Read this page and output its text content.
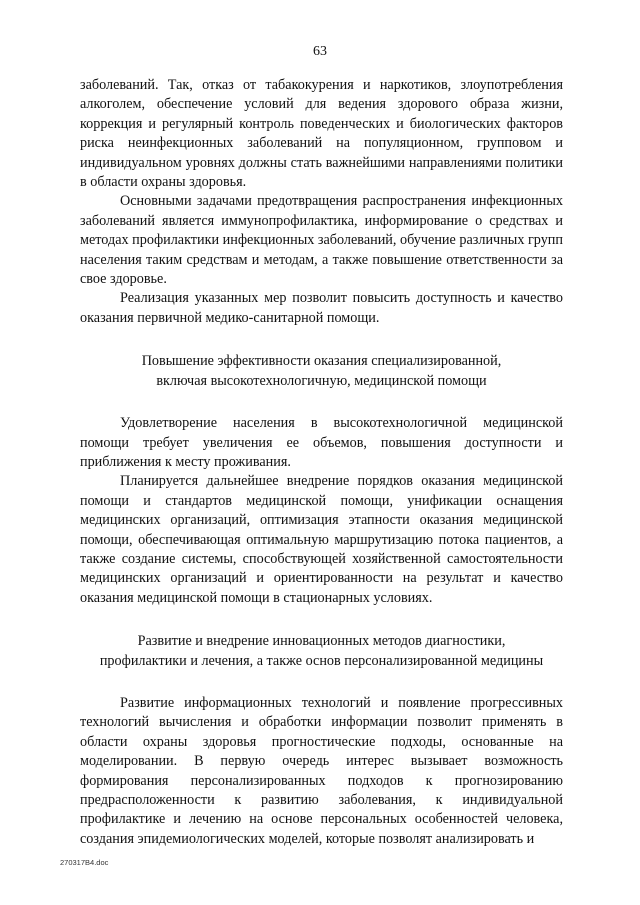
63

заболеваний. Так, отказ от табакокурения и наркотиков, злоупотребления алкоголем, обеспечение условий для ведения здорового образа жизни, коррекция и регулярный контроль поведенческих и биологических факторов риска неинфекционных заболеваний на популяционном, групповом и индивидуальном уровнях должны стать важнейшими направлениями политики в области охраны здоровья.

Основными задачами предотвращения распространения инфекционных заболеваний является иммунопрофилактика, информирование о средствах и методах профилактики инфекционных заболеваний, обучение различных групп населения таким средствам и методам, а также повышение ответственности за свое здоровье.

Реализация указанных мер позволит повысить доступность и качество оказания первичной медико-санитарной помощи.

Повышение эффективности оказания специализированной,
включая высокотехнологичную, медицинской помощи

Удовлетворение населения в высокотехнологичной медицинской помощи требует увеличения ее объемов, повышения доступности и приближения к месту проживания.

Планируется дальнейшее внедрение порядков оказания медицинской помощи и стандартов медицинской помощи, унификации оснащения медицинских организаций, оптимизация этапности оказания медицинской помощи, обеспечивающая оптимальную маршрутизацию потока пациентов, а также создание системы, способствующей хозяйственной самостоятельности медицинских организаций и ориентированности на результат и качество оказания медицинской помощи в стационарных условиях.

Развитие и внедрение инновационных методов диагностики,
профилактики и лечения, а также основ персонализированной медицины

Развитие информационных технологий и появление прогрессивных технологий вычисления и обработки информации позволит применять в области охраны здоровья прогностические подходы, основанные на моделировании. В первую очередь интерес вызывает возможность формирования персонализированных подходов к прогнозированию предрасположенности к развитию заболевания, к индивидуальной профилактике и лечению на основе персональных особенностей человека, создания эпидемиологических моделей, которые позволят анализировать и

270317В4.doc
